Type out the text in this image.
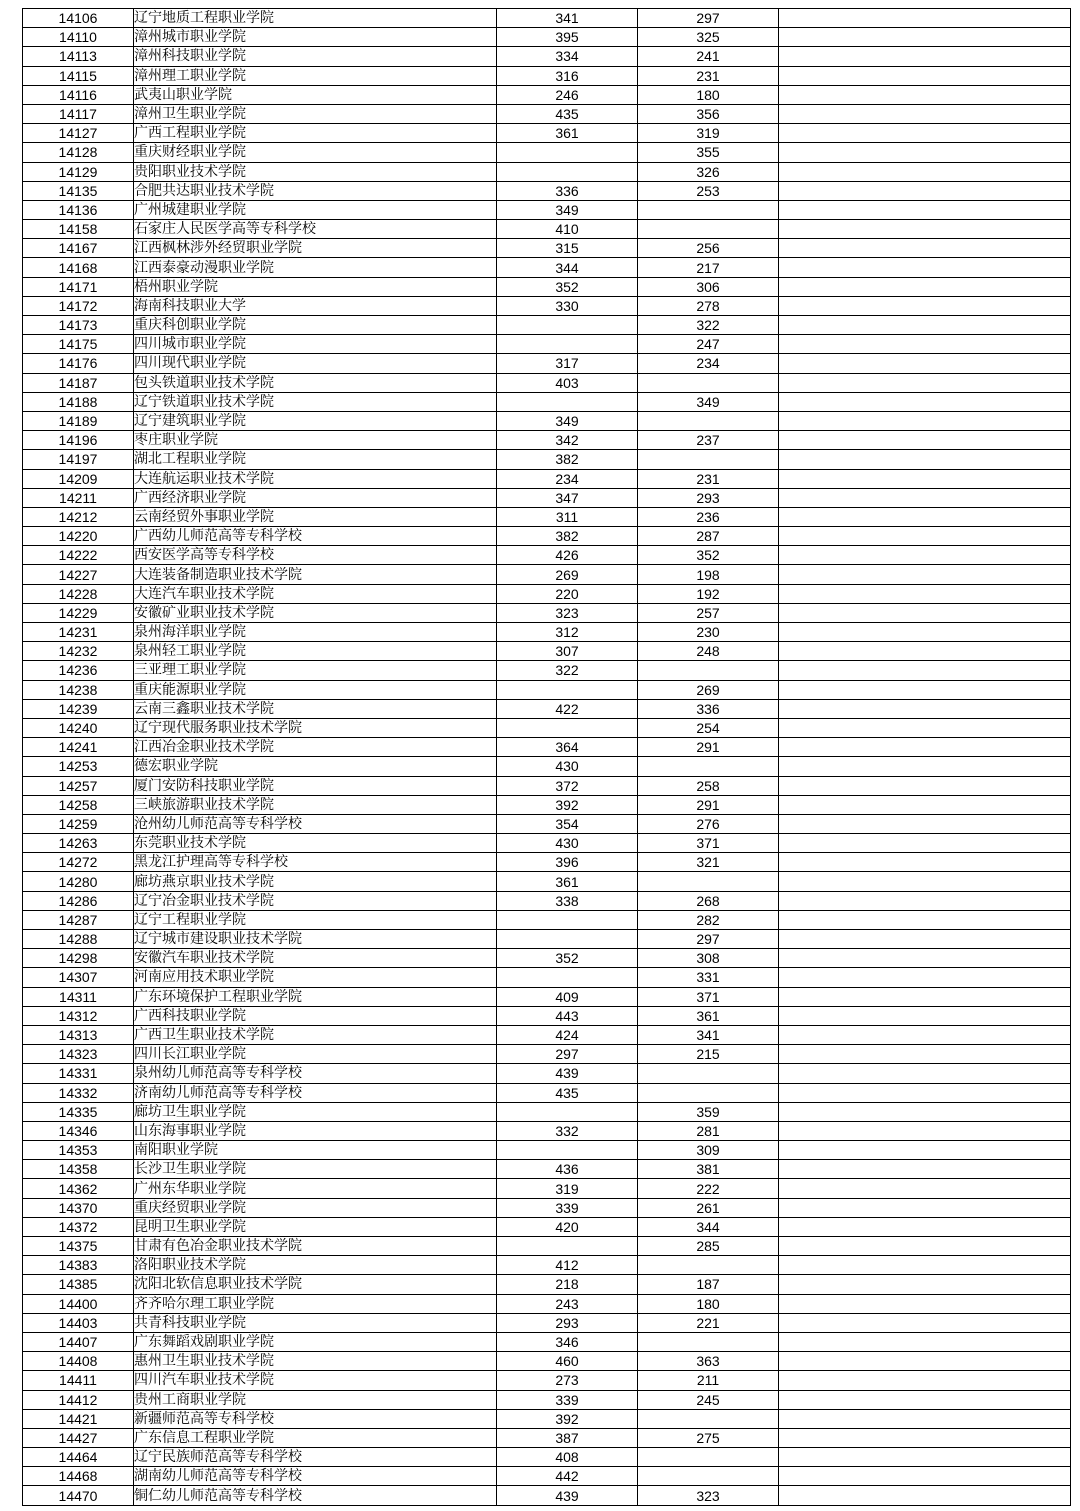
14106	辽宁地质工程职业学院	341	297	
14110	漳州城市职业学院	395	325	
14113	漳州科技职业学院	334	241	
14115	漳州理工职业学院	316	231	
14116	武夷山职业学院	246	180	
14117	漳州卫生职业学院	435	356	
14127	广西工程职业学院	361	319	
14128	重庆财经职业学院		355	
14129	贵阳职业技术学院		326	
14135	合肥共达职业技术学院	336	253	
14136	广州城建职业学院	349		
14158	石家庄人民医学高等专科学校	410		
14167	江西枫林涉外经贸职业学院	315	256	
14168	江西泰豪动漫职业学院	344	217	
14171	梧州职业学院	352	306	
14172	海南科技职业大学	330	278	
14173	重庆科创职业学院		322	
14175	四川城市职业学院		247	
14176	四川现代职业学院	317	234	
14187	包头铁道职业技术学院	403		
14188	辽宁铁道职业技术学院		349	
14189	辽宁建筑职业学院	349		
14196	枣庄职业学院	342	237	
14197	湖北工程职业学院	382		
14209	大连航运职业技术学院	234	231	
14211	广西经济职业学院	347	293	
14212	云南经贸外事职业学院	311	236	
14220	广西幼儿师范高等专科学校	382	287	
14222	西安医学高等专科学校	426	352	
14227	大连装备制造职业技术学院	269	198	
14228	大连汽车职业技术学院	220	192	
14229	安徽矿业职业技术学院	323	257	
14231	泉州海洋职业学院	312	230	
14232	泉州轻工职业学院	307	248	
14236	三亚理工职业学院	322		
14238	重庆能源职业学院		269	
14239	云南三鑫职业技术学院	422	336	
14240	辽宁现代服务职业技术学院		254	
14241	江西冶金职业技术学院	364	291	
14253	德宏职业学院	430		
14257	厦门安防科技职业学院	372	258	
14258	三峡旅游职业技术学院	392	291	
14259	沧州幼儿师范高等专科学校	354	276	
14263	东莞职业技术学院	430	371	
14272	黑龙江护理高等专科学校	396	321	
14280	廊坊燕京职业技术学院	361		
14286	辽宁冶金职业技术学院	338	268	
14287	辽宁工程职业学院		282	
14288	辽宁城市建设职业技术学院		297	
14298	安徽汽车职业技术学院	352	308	
14307	河南应用技术职业学院		331	
14311	广东环境保护工程职业学院	409	371	
14312	广西科技职业学院	443	361	
14313	广西卫生职业技术学院	424	341	
14323	四川长江职业学院	297	215	
14331	泉州幼儿师范高等专科学校	439		
14332	济南幼儿师范高等专科学校	435		
14335	廊坊卫生职业学院		359	
14346	山东海事职业学院	332	281	
14353	南阳职业学院		309	
14358	长沙卫生职业学院	436	381	
14362	广州东华职业学院	319	222	
14370	重庆经贸职业学院	339	261	
14372	昆明卫生职业学院	420	344	
14375	甘肃有色冶金职业技术学院		285	
14383	洛阳职业技术学院	412		
14385	沈阳北软信息职业技术学院	218	187	
14400	齐齐哈尔理工职业学院	243	180	
14403	共青科技职业学院	293	221	
14407	广东舞蹈戏剧职业学院	346		
14408	惠州卫生职业技术学院	460	363	
14411	四川汽车职业技术学院	273	211	
14412	贵州工商职业学院	339	245	
14421	新疆师范高等专科学校	392		
14427	广东信息工程职业学院	387	275	
14464	辽宁民族师范高等专科学校	408		
14468	湖南幼儿师范高等专科学校	442		
14470	铜仁幼儿师范高等专科学校	439	323	
